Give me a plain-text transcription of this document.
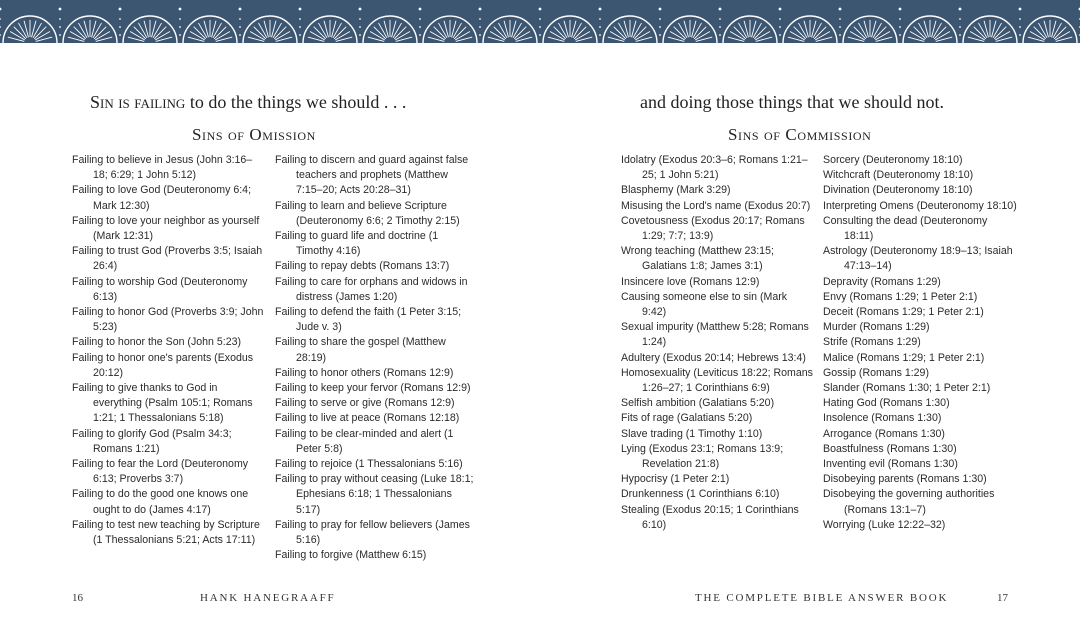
Sin is failing to do the things we should . . .
Sins of Omission
Failing to believe in Jesus (John 3:16–18; 6:29; 1 John 5:12)
Failing to love God (Deuteronomy 6:4; Mark 12:30)
Failing to love your neighbor as yourself (Mark 12:31)
Failing to trust God (Proverbs 3:5; Isaiah 26:4)
Failing to worship God (Deuteronomy 6:13)
Failing to honor God (Proverbs 3:9; John 5:23)
Failing to honor the Son (John 5:23)
Failing to honor one's parents (Exodus 20:12)
Failing to give thanks to God in everything (Psalm 105:1; Romans 1:21; 1 Thessalonians 5:18)
Failing to glorify God (Psalm 34:3; Romans 1:21)
Failing to fear the Lord (Deuteronomy 6:13; Proverbs 3:7)
Failing to do the good one knows one ought to do (James 4:17)
Failing to test new teaching by Scripture (1 Thessalonians 5:21; Acts 17:11)
Failing to discern and guard against false teachers and prophets (Matthew 7:15–20; Acts 20:28–31)
Failing to learn and believe Scripture (Deuteronomy 6:6; 2 Timothy 2:15)
Failing to guard life and doctrine (1 Timothy 4:16)
Failing to repay debts (Romans 13:7)
Failing to care for orphans and widows in distress (James 1:20)
Failing to defend the faith (1 Peter 3:15; Jude v. 3)
Failing to share the gospel (Matthew 28:19)
Failing to honor others (Romans 12:9)
Failing to keep your fervor (Romans 12:9)
Failing to serve or give (Romans 12:9)
Failing to live at peace (Romans 12:18)
Failing to be clear-minded and alert (1 Peter 5:8)
Failing to rejoice (1 Thessalonians 5:16)
Failing to pray without ceasing (Luke 18:1; Ephesians 6:18; 1 Thessalonians 5:17)
Failing to pray for fellow believers (James 5:16)
Failing to forgive (Matthew 6:15)
16	HANK HANEGRAAFF
and doing those things that we should not.
Sins of Commission
Idolatry (Exodus 20:3–6; Romans 1:21–25; 1 John 5:21)
Blasphemy (Mark 3:29)
Misusing the Lord's name (Exodus 20:7)
Covetousness (Exodus 20:17; Romans 1:29; 7:7; 13:9)
Wrong teaching (Matthew 23:15; Galatians 1:8; James 3:1)
Insincere love (Romans 12:9)
Causing someone else to sin (Mark 9:42)
Sexual impurity (Matthew 5:28; Romans 1:24)
Adultery (Exodus 20:14; Hebrews 13:4)
Homosexuality (Leviticus 18:22; Romans 1:26–27; 1 Corinthians 6:9)
Selfish ambition (Galatians 5:20)
Fits of rage (Galatians 5:20)
Slave trading (1 Timothy 1:10)
Lying (Exodus 23:1; Romans 13:9; Revelation 21:8)
Hypocrisy (1 Peter 2:1)
Drunkenness (1 Corinthians 6:10)
Stealing (Exodus 20:15; 1 Corinthians 6:10)
Sorcery (Deuteronomy 18:10)
Witchcraft (Deuteronomy 18:10)
Divination (Deuteronomy 18:10)
Interpreting Omens (Deuteronomy 18:10)
Consulting the dead (Deuteronomy 18:11)
Astrology (Deuteronomy 18:9–13; Isaiah 47:13–14)
Depravity (Romans 1:29)
Envy (Romans 1:29; 1 Peter 2:1)
Deceit (Romans 1:29; 1 Peter 2:1)
Murder (Romans 1:29)
Strife (Romans 1:29)
Malice (Romans 1:29; 1 Peter 2:1)
Gossip (Romans 1:29)
Slander (Romans 1:30; 1 Peter 2:1)
Hating God (Romans 1:30)
Insolence (Romans 1:30)
Arrogance (Romans 1:30)
Boastfulness (Romans 1:30)
Inventing evil (Romans 1:30)
Disobeying parents (Romans 1:30)
Disobeying the governing authorities (Romans 13:1–7)
Worrying (Luke 12:22–32)
THE COMPLETE BIBLE ANSWER BOOK	17
